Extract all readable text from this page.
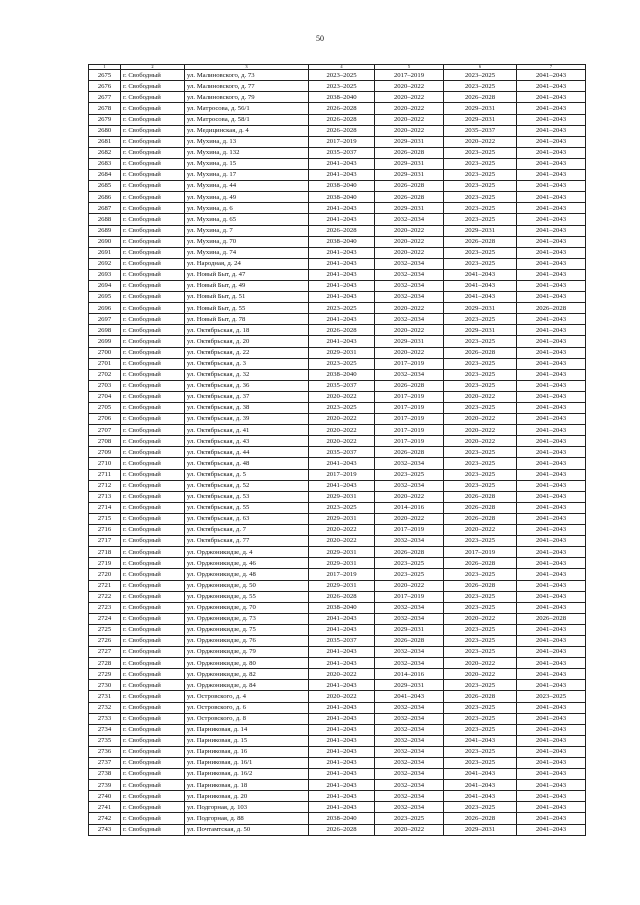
50
1	2	3	4	5	6	7
2675	г. Свободный	ул. Малиновского, д. 73	2023–2025	2017–2019	2023–2025	2041–2043
2676	г. Свободный	ул. Малиновского, д. 77	2023–2025	2020–2022	2023–2025	2041–2043
2677	г. Свободный	ул. Малиновского, д. 79	2038–2040	2020–2022	2026–2028	2041–2043
2678	г. Свободный	ул. Матросова, д. 56/1	2026–2028	2020–2022	2029–2031	2041–2043
2679	г. Свободный	ул. Матросова, д. 58/1	2026–2028	2020–2022	2029–2031	2041–2043
2680	г. Свободный	ул. Медицинская, д. 4	2026–2028	2020–2022	2035–2037	2041–2043
2681	г. Свободный	ул. Мухина, д. 13	2017–2019	2029–2031	2020–2022	2041–2043
2682	г. Свободный	ул. Мухина, д. 132	2035–2037	2026–2028	2023–2025	2041–2043
2683	г. Свободный	ул. Мухина, д. 15	2041–2043	2029–2031	2023–2025	2041–2043
2684	г. Свободный	ул. Мухина, д. 17	2041–2043	2029–2031	2023–2025	2041–2043
2685	г. Свободный	ул. Мухина, д. 44	2038–2040	2026–2028	2023–2025	2041–2043
2686	г. Свободный	ул. Мухина, д. 49	2038–2040	2026–2028	2023–2025	2041–2043
2687	г. Свободный	ул. Мухина, д. 6	2041–2043	2029–2031	2023–2025	2041–2043
2688	г. Свободный	ул. Мухина, д. 65	2041–2043	2032–2034	2023–2025	2041–2043
2689	г. Свободный	ул. Мухина, д. 7	2026–2028	2020–2022	2029–2031	2041–2043
2690	г. Свободный	ул. Мухина, д. 70	2038–2040	2020–2022	2026–2028	2041–2043
2691	г. Свободный	ул. Мухина, д. 74	2041–2043	2020–2022	2023–2025	2041–2043
2692	г. Свободный	ул. Народная, д. 24	2041–2043	2032–2034	2023–2025	2041–2043
2693	г. Свободный	ул. Новый Быт, д. 47	2041–2043	2032–2034	2041–2043	2041–2043
2694	г. Свободный	ул. Новый Быт, д. 49	2041–2043	2032–2034	2041–2043	2041–2043
2695	г. Свободный	ул. Новый Быт, д. 51	2041–2043	2032–2034	2041–2043	2041–2043
2696	г. Свободный	ул. Новый Быт, д. 55	2023–2025	2020–2022	2029–2031	2026–2028
2697	г. Свободный	ул. Новый Быт, д. 78	2041–2043	2032–2034	2023–2025	2041–2043
2698	г. Свободный	ул. Октябрьская, д. 18	2026–2028	2020–2022	2029–2031	2041–2043
2699	г. Свободный	ул. Октябрьская, д. 20	2041–2043	2029–2031	2023–2025	2041–2043
2700	г. Свободный	ул. Октябрьская, д. 22	2029–2031	2020–2022	2026–2028	2041–2043
2701	г. Свободный	ул. Октябрьская, д. 3	2023–2025	2017–2019	2023–2025	2041–2043
2702	г. Свободный	ул. Октябрьская, д. 32	2038–2040	2032–2034	2023–2025	2041–2043
2703	г. Свободный	ул. Октябрьская, д. 36	2035–2037	2026–2028	2023–2025	2041–2043
2704	г. Свободный	ул. Октябрьская, д. 37	2020–2022	2017–2019	2020–2022	2041–2043
2705	г. Свободный	ул. Октябрьская, д. 38	2023–2025	2017–2019	2023–2025	2041–2043
2706	г. Свободный	ул. Октябрьская, д. 39	2020–2022	2017–2019	2020–2022	2041–2043
2707	г. Свободный	ул. Октябрьская, д. 41	2020–2022	2017–2019	2020–2022	2041–2043
2708	г. Свободный	ул. Октябрьская, д. 43	2020–2022	2017–2019	2020–2022	2041–2043
2709	г. Свободный	ул. Октябрьская, д. 44	2035–2037	2026–2028	2023–2025	2041–2043
2710	г. Свободный	ул. Октябрьская, д. 48	2041–2043	2032–2034	2023–2025	2041–2043
2711	г. Свободный	ул. Октябрьская, д. 5	2017–2019	2023–2025	2023–2025	2041–2043
2712	г. Свободный	ул. Октябрьская, д. 52	2041–2043	2032–2034	2023–2025	2041–2043
2713	г. Свободный	ул. Октябрьская, д. 53	2029–2031	2020–2022	2026–2028	2041–2043
2714	г. Свободный	ул. Октябрьская, д. 55	2023–2025	2014–2016	2026–2028	2041–2043
2715	г. Свободный	ул. Октябрьская, д. 63	2029–2031	2020–2022	2026–2028	2041–2043
2716	г. Свободный	ул. Октябрьская, д. 7	2020–2022	2017–2019	2020–2022	2041–2043
2717	г. Свободный	ул. Октябрьская, д. 77	2020–2022	2032–2034	2023–2025	2041–2043
2718	г. Свободный	ул. Орджоникидзе, д. 4	2029–2031	2026–2028	2017–2019	2041–2043
2719	г. Свободный	ул. Орджоникидзе, д. 46	2029–2031	2023–2025	2026–2028	2041–2043
2720	г. Свободный	ул. Орджоникидзе, д. 48	2017–2019	2023–2025	2023–2025	2041–2043
2721	г. Свободный	ул. Орджоникидзе, д. 50	2029–2031	2020–2022	2026–2028	2041–2043
2722	г. Свободный	ул. Орджоникидзе, д. 55	2026–2028	2017–2019	2023–2025	2041–2043
2723	г. Свободный	ул. Орджоникидзе, д. 70	2038–2040	2032–2034	2023–2025	2041–2043
2724	г. Свободный	ул. Орджоникидзе, д. 73	2041–2043	2032–2034	2020–2022	2026–2028
2725	г. Свободный	ул. Орджоникидзе, д. 75	2041–2043	2029–2031	2023–2025	2041–2043
2726	г. Свободный	ул. Орджоникидзе, д. 76	2035–2037	2026–2028	2023–2025	2041–2043
2727	г. Свободный	ул. Орджоникидзе, д. 79	2041–2043	2032–2034	2023–2025	2041–2043
2728	г. Свободный	ул. Орджоникидзе, д. 80	2041–2043	2032–2034	2020–2022	2041–2043
2729	г. Свободный	ул. Орджоникидзе, д. 82	2020–2022	2014–2016	2020–2022	2041–2043
2730	г. Свободный	ул. Орджоникидзе, д. 84	2041–2043	2029–2031	2023–2025	2041–2043
2731	г. Свободный	ул. Островского, д. 4	2020–2022	2041–2043	2026–2028	2023–2025
2732	г. Свободный	ул. Островского, д. 6	2041–2043	2032–2034	2023–2025	2041–2043
2733	г. Свободный	ул. Островского, д. 8	2041–2043	2032–2034	2023–2025	2041–2043
2734	г. Свободный	ул. Парниковая, д. 14	2041–2043	2032–2034	2023–2025	2041–2043
2735	г. Свободный	ул. Парниковая, д. 15	2041–2043	2032–2034	2041–2043	2041–2043
2736	г. Свободный	ул. Парниковая, д. 16	2041–2043	2032–2034	2023–2025	2041–2043
2737	г. Свободный	ул. Парниковая, д. 16/1	2041–2043	2032–2034	2023–2025	2041–2043
2738	г. Свободный	ул. Парниковая, д. 16/2	2041–2043	2032–2034	2041–2043	2041–2043
2739	г. Свободный	ул. Парниковая, д. 18	2041–2043	2032–2034	2041–2043	2041–2043
2740	г. Свободный	ул. Парниковая, д. 20	2041–2043	2032–2034	2041–2043	2041–2043
2741	г. Свободный	ул. Подгорная, д. 103	2041–2043	2032–2034	2023–2025	2041–2043
2742	г. Свободный	ул. Подгорная, д. 88	2038–2040	2023–2025	2026–2028	2041–2043
2743	г. Свободный	ул. Почтамтская, д. 50	2026–2028	2020–2022	2029–2031	2041–2043
